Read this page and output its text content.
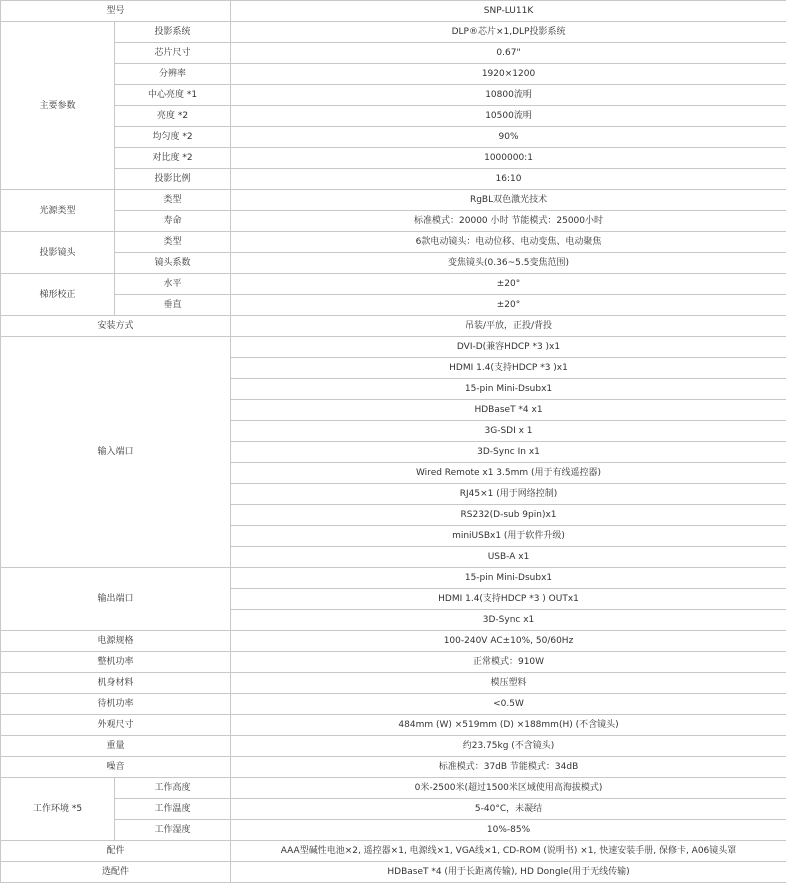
型号		SNP-LU11K
主要参数	投影系统	DLP®芯片×1,DLP投影系统
	芯片尺寸	0.67"
	分辨率	1920×1200
	中心亮度 *1	10800流明
	亮度 *2	10500流明
	均匀度 *2	90%
	对比度 *2	1000000:1
	投影比例	16:10
光源类型	类型	RgBL双色激光技术
	寿命	标准模式：20000 小时 节能模式：25000小时
投影镜头	类型	6款电动镜头：电动位移、电动变焦、电动聚焦
	镜头系数	变焦镜头(0.36~5.5变焦范围)
梯形校正	水平	±20°
	垂直	±20°
安装方式		吊装/平放，正投/背投
输入端口		DVI-D(兼容HDCP *3 )x1
		HDMI 1.4(支持HDCP *3 )x1
		15-pin Mini-Dsubx1
		HDBaseT *4 x1
		3G-SDI x 1
		3D-Sync In x1
		Wired Remote x1 3.5mm (用于有线遥控器)
		RJ45×1 (用于网络控制)
		RS232(D-sub 9pin)x1
		miniUSBx1 (用于软件升级)
		USB-A x1
输出端口		15-pin Mini-Dsubx1
		HDMI 1.4(支持HDCP *3 ) OUTx1
		3D-Sync x1
电源规格		100-240V AC±10%, 50/60Hz
整机功率		正常模式：910W
机身材料		模压塑料
待机功率		<0.5W
外观尺寸		484mm (W) ×519mm (D) ×188mm(H) (不含镜头)
重量		约23.75kg (不含镜头)
噪音		标准模式：37dB 节能模式：34dB
工作环境 *5	工作高度	0米-2500米(超过1500米区域使用高海拔模式)
	工作温度	5-40°C，未凝结
	工作湿度	10%-85%
配件		AAA型碱性电池×2, 遥控器×1, 电源线×1, VGA线×1, CD-ROM (说明书) ×1, 快速安装手册, 保修卡, A06镜头罩
选配件		HDBaseT *4 (用于长距离传输), HD Dongle(用于无线传输)
